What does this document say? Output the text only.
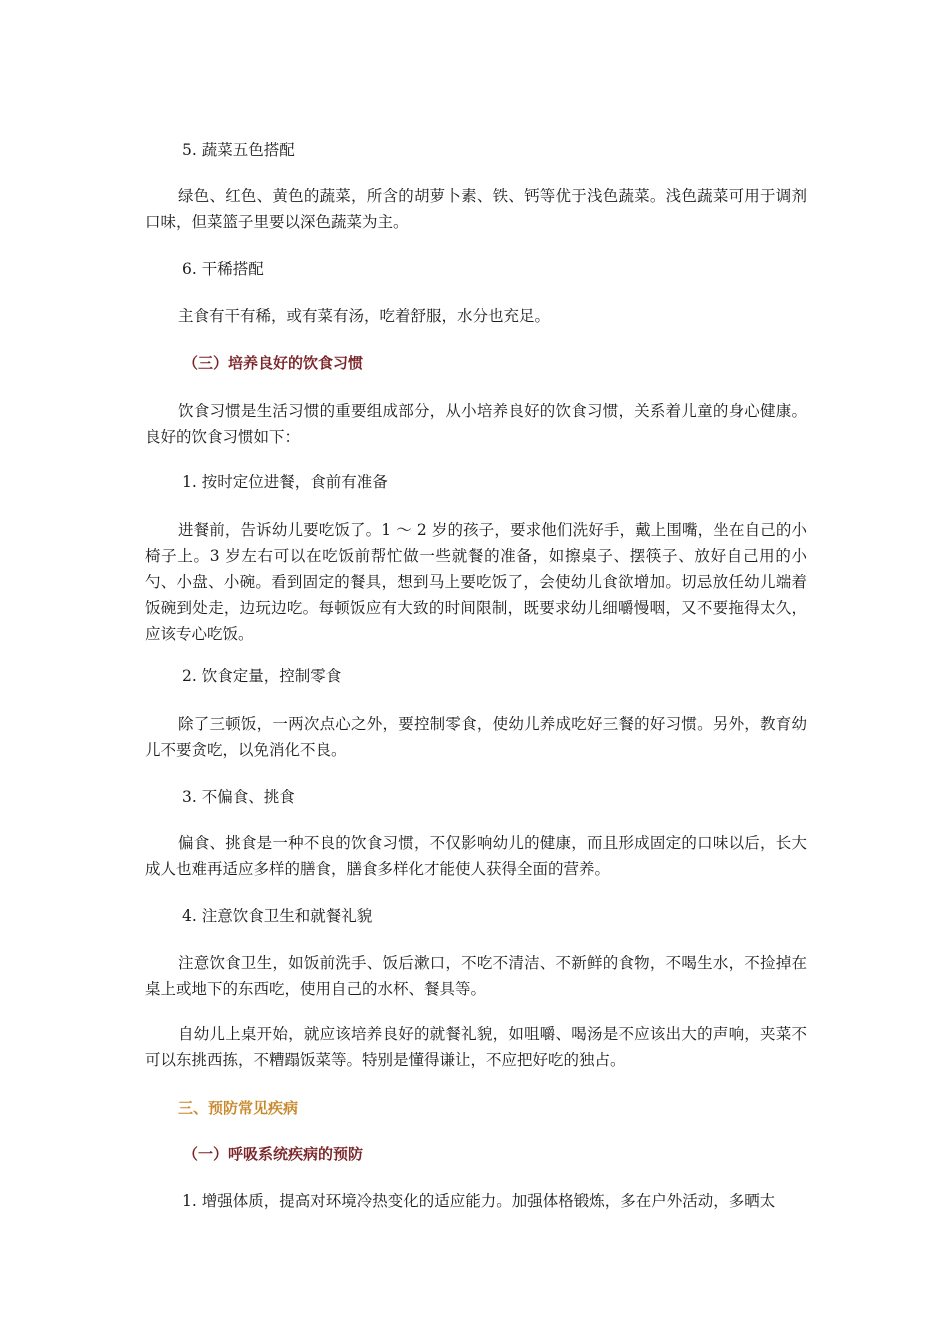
5. 蔬菜五色搭配

绿色、红色、黄色的蔬菜，所含的胡萝卜素、铁、钙等优于浅色蔬菜。浅色蔬菜可用于调剂口味，但菜篮子里要以深色蔬菜为主。

6. 干稀搭配

主食有干有稀，或有菜有汤，吃着舒服，水分也充足。

（三）培养良好的饮食习惯

饮食习惯是生活习惯的重要组成部分，从小培养良好的饮食习惯，关系着儿童的身心健康。良好的饮食习惯如下：

1. 按时定位进餐，食前有准备

进餐前，告诉幼儿要吃饭了。1 ～ 2 岁的孩子，要求他们洗好手，戴上围嘴，坐在自己的小椅子上。3 岁左右可以在吃饭前帮忙做一些就餐的准备，如擦桌子、摆筷子、放好自己用的小勺、小盘、小碗。看到固定的餐具，想到马上要吃饭了，会使幼儿食欲增加。切忌放任幼儿端着饭碗到处走，边玩边吃。每顿饭应有大致的时间限制，既要求幼儿细嚼慢咽，又不要拖得太久，应该专心吃饭。

2. 饮食定量，控制零食

除了三顿饭，一两次点心之外，要控制零食，使幼儿养成吃好三餐的好习惯。另外，教育幼儿不要贪吃，以免消化不良。

3. 不偏食、挑食

偏食、挑食是一种不良的饮食习惯，不仅影响幼儿的健康，而且形成固定的口味以后，长大成人也难再适应多样的膳食，膳食多样化才能使人获得全面的营养。

4. 注意饮食卫生和就餐礼貌

注意饮食卫生，如饭前洗手、饭后漱口，不吃不清洁、不新鲜的食物，不喝生水，不捡掉在桌上或地下的东西吃，使用自己的水杯、餐具等。

自幼儿上桌开始，就应该培养良好的就餐礼貌，如咀嚼、喝汤是不应该出大的声响，夹菜不可以东挑西拣，不糟蹋饭菜等。特别是懂得谦让，不应把好吃的独占。

三、预防常见疾病

（一）呼吸系统疾病的预防

1. 增强体质，提高对环境冷热变化的适应能力。加强体格锻炼，多在户外活动，多晒太
